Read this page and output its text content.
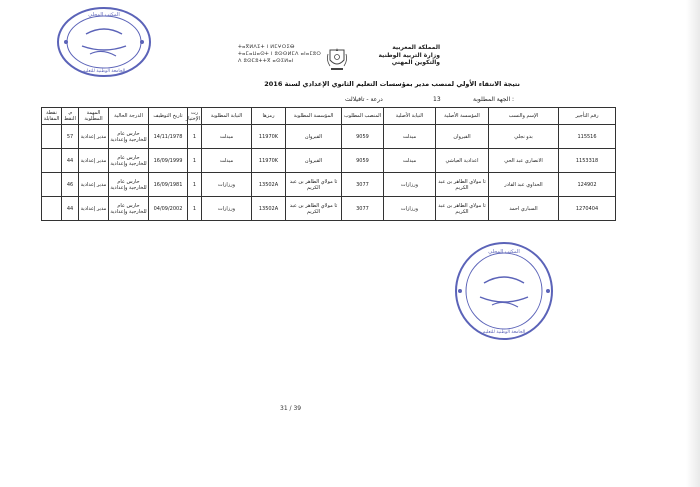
المكتب المحلي
الجامعة الوطنية للتعليم
ⵜⴰⴳⵍⴷⵉⵜ ⵏ ⵍⵎⵖⵔⵉⴱ
ⵜⴰⵎⴰⵡⴰⵙⵜ ⵏ ⵓⵙⵙⵍⵎⴷ ⴰⵏⴰⵎⵓⵔ
ⴷ ⵓⵙⵎⵓⵜⵜⴳ ⴰⵙⵉⵍⴰⵏ
المملكة المغربية
وزارة التربية الوطنية
والتكوين المهني
نتيجة الانتقاء الأولي لمنصب مدير بمؤسسات التعليم الثانوي الإعدادي لسنة 2016
الجهة المطلوبة :
13
درعة - تافيلالت
رقم التأجير	الإسم والنسب	المؤسسة الأصلية	النيابة الأصلية	المنصب المطلوب	المؤسسة المطلوبة	رمزها	النيابة المطلوبة	رت الإختيار	تاريخ التوظيف	الدرجة الحالية	المهمة المطلوبة	م. النقط	نقطة المقابلة
115516	بدو نجلي	القيروان	ميدلت	9059	القيروان	11970K	ميدلت	1	14/11/1978	حارس عام للخارجية وإعدادية	مدير إعدادية	57	
1153318	الانصاري عبد الحي	اعدادية العياشي	ميدلت	9059	القيروان	11970K	ميدلت	1	16/09/1999	حارس عام للخارجية وإعدادية	مدير إعدادية	44	
124902	الحداوي عبد القادر	ثا مولاي الطاهر بن عبد الكريم	ورزازات	3077	ثا مولاي الطاهر بن عبد الكريم	13502A	ورزازات	1	16/09/1981	حارس عام للخارجية وإعدادية	مدير إعدادية	46	
1270404	السباري احمد	ثا مولاي الطاهر بن عبد الكريم	ورزازات	3077	ثا مولاي الطاهر بن عبد الكريم	13502A	ورزازات	1	04/09/2002	حارس عام للخارجية وإعدادية	مدير إعدادية	44	
المكتب المحلي
الجامعة الوطنية للتعليم
31 / 39
